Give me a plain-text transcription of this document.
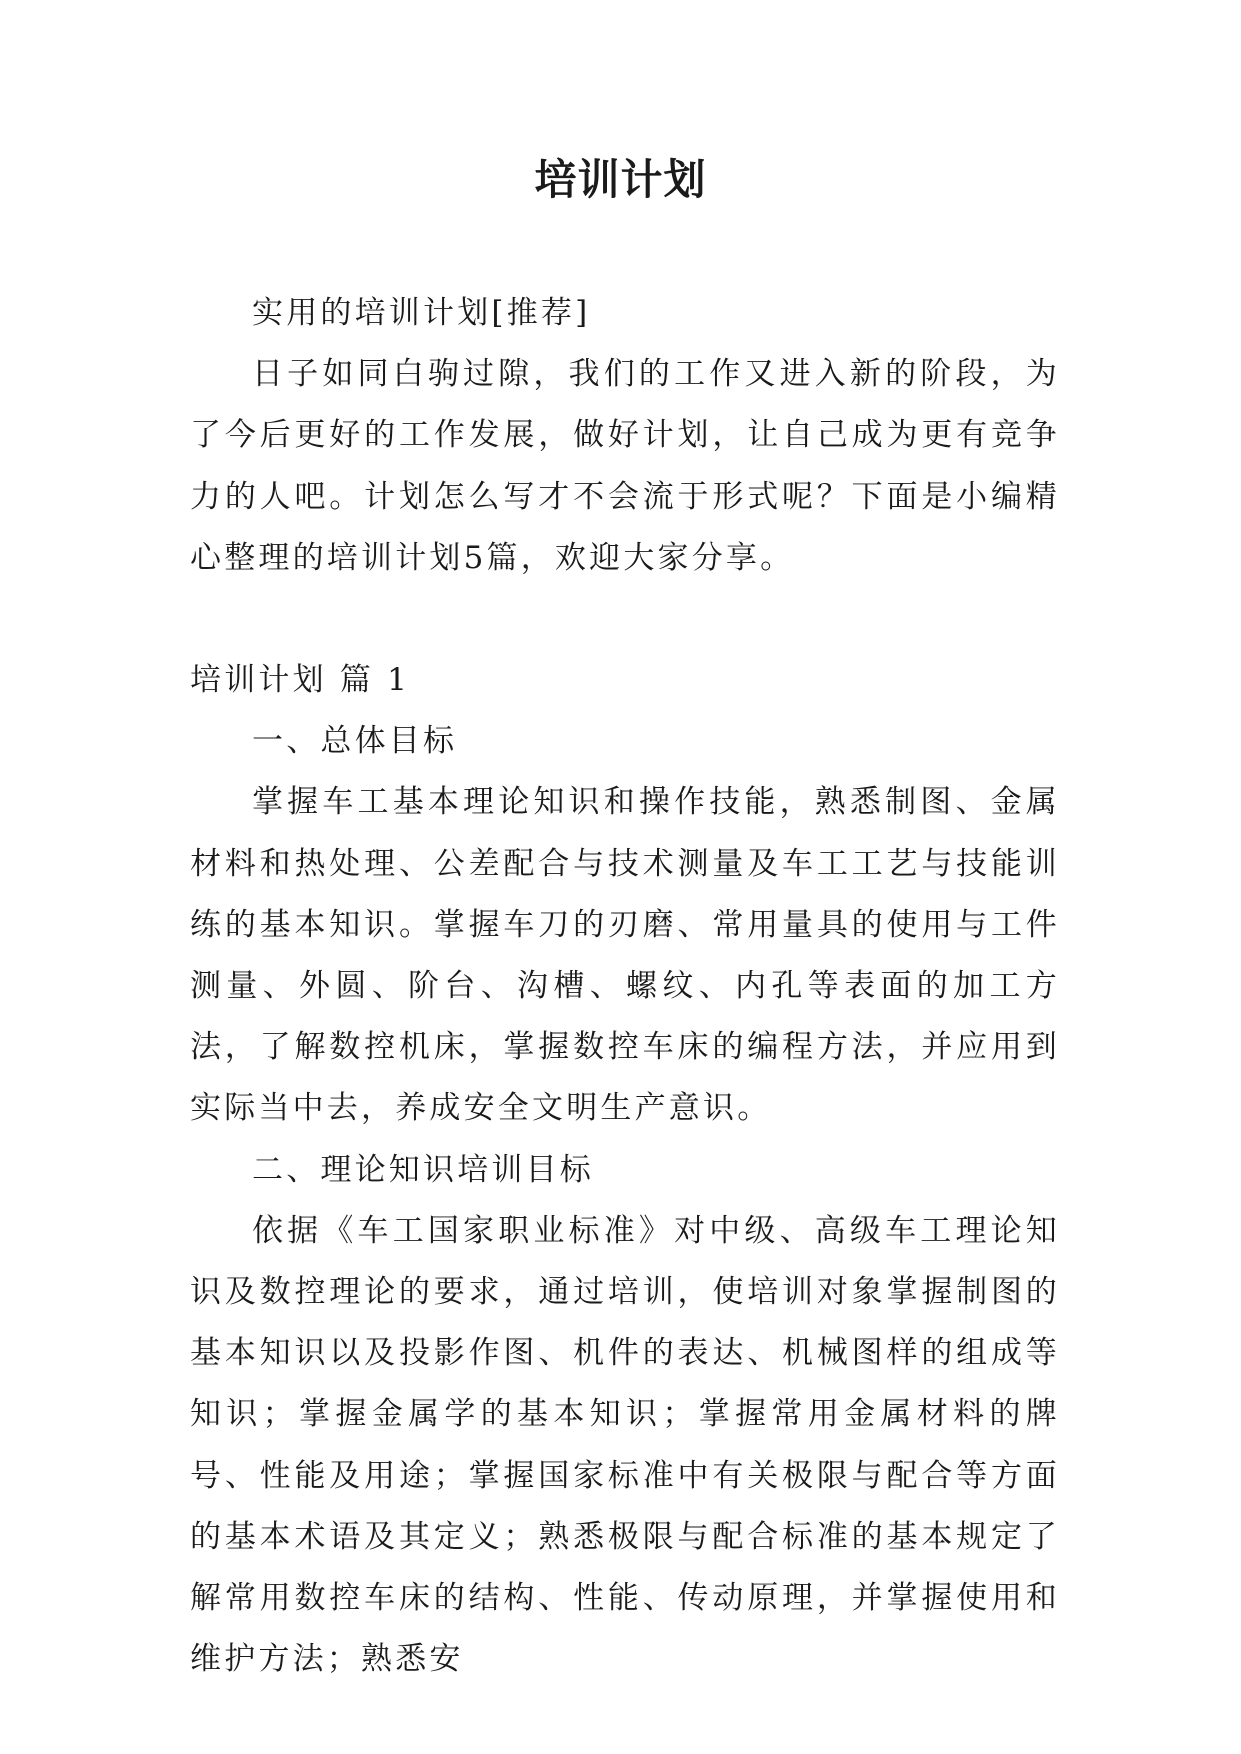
培训计划

实用的培训计划[推荐]

日子如同白驹过隙，我们的工作又进入新的阶段，为了今后更好的工作发展，做好计划，让自己成为更有竞争力的人吧。计划怎么写才不会流于形式呢？下面是小编精心整理的培训计划5篇，欢迎大家分享。

培训计划 篇 1

一、总体目标

掌握车工基本理论知识和操作技能，熟悉制图、金属材料和热处理、公差配合与技术测量及车工工艺与技能训练的基本知识。掌握车刀的刃磨、常用量具的使用与工件测量、外圆、阶台、沟槽、螺纹、内孔等表面的加工方法，了解数控机床，掌握数控车床的编程方法，并应用到实际当中去，养成安全文明生产意识。

二、理论知识培训目标

依据《车工国家职业标准》对中级、高级车工理论知识及数控理论的要求，通过培训，使培训对象掌握制图的基本知识以及投影作图、机件的表达、机械图样的组成等知识；掌握金属学的基本知识；掌握常用金属材料的牌号、性能及用途；掌握国家标准中有关极限与配合等方面的基本术语及其定义；熟悉极限与配合标准的基本规定了解常用数控车床的结构、性能、传动原理，并掌握使用和维护方法；熟悉安
